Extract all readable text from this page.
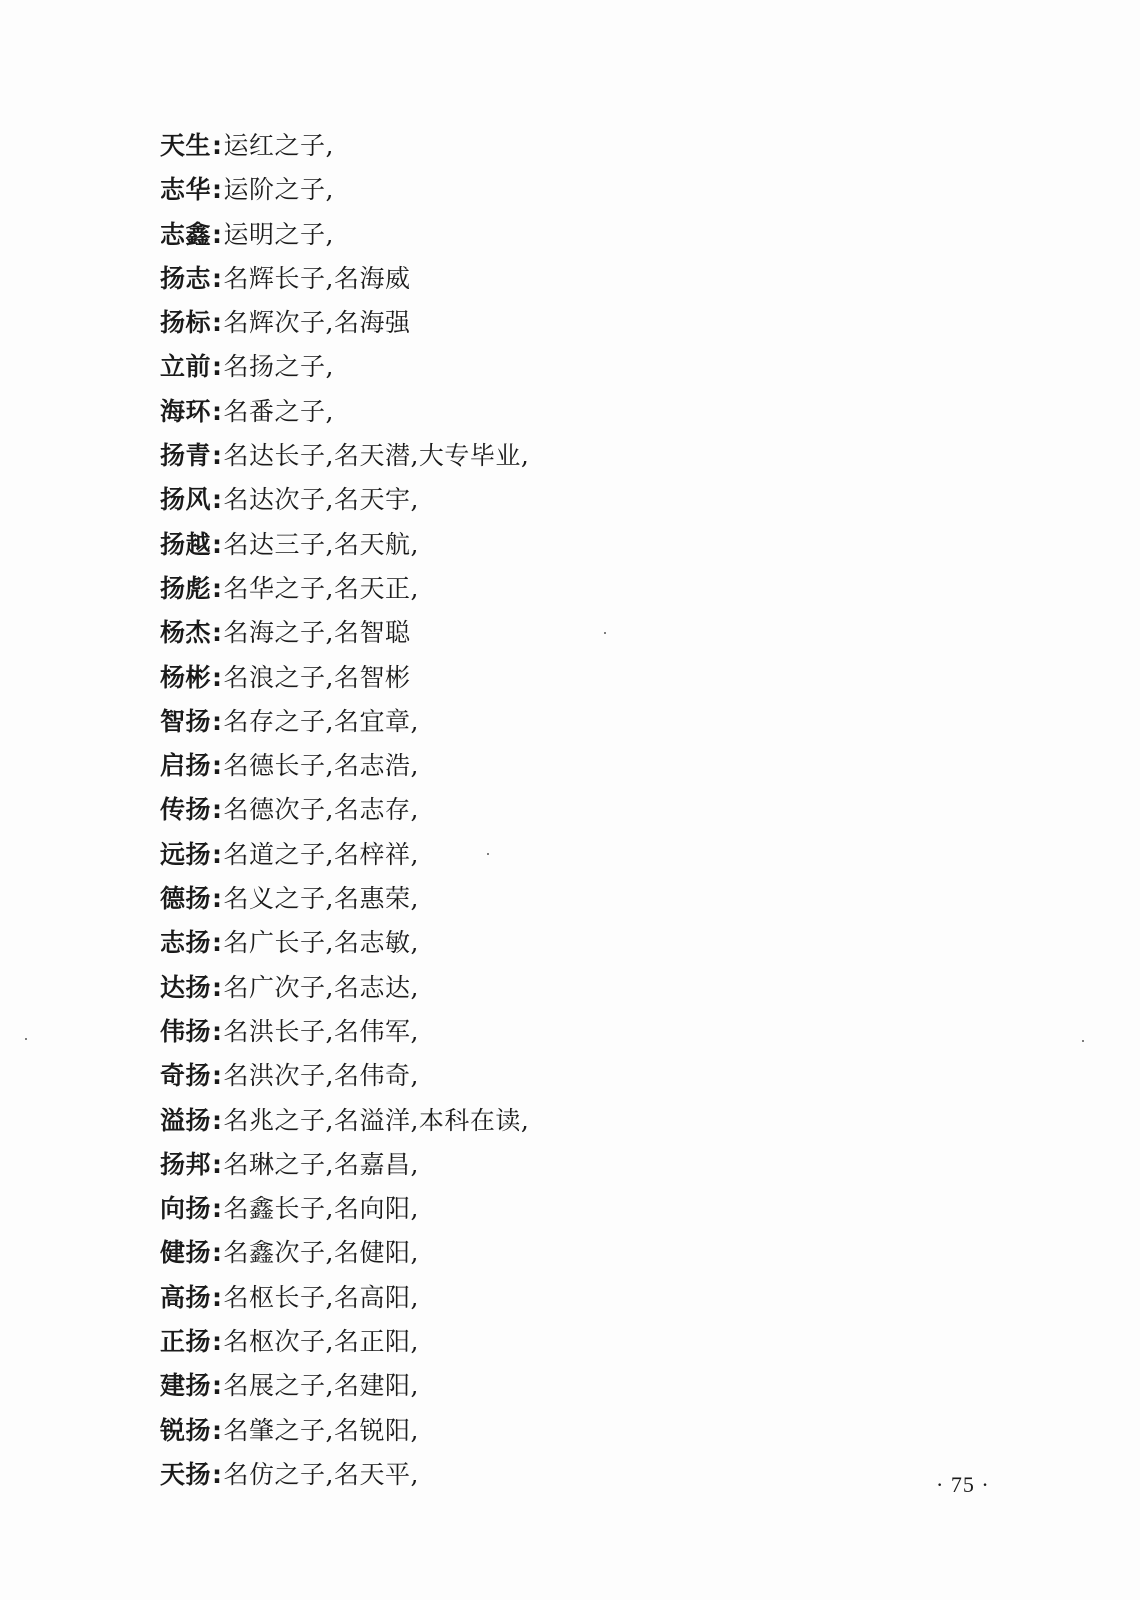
天生:运红之子,
志华:运阶之子,
志鑫:运明之子,
扬志:名辉长子,名海威
扬标:名辉次子,名海强
立前:名扬之子,
海环:名番之子,
扬青:名达长子,名天潜,大专毕业,
扬风:名达次子,名天宇,
扬越:名达三子,名天航,
扬彪:名华之子,名天正,
杨杰:名海之子,名智聪
杨彬:名浪之子,名智彬
智扬:名存之子,名宜章,
启扬:名德长子,名志浩,
传扬:名德次子,名志存,
远扬:名道之子,名梓祥,
德扬:名义之子,名惠荣,
志扬:名广长子,名志敏,
达扬:名广次子,名志达,
伟扬:名洪长子,名伟军,
奇扬:名洪次子,名伟奇,
溢扬:名兆之子,名溢洋,本科在读,
扬邦:名琳之子,名嘉昌,
向扬:名鑫长子,名向阳,
健扬:名鑫次子,名健阳,
高扬:名枢长子,名高阳,
正扬:名枢次子,名正阳,
建扬:名展之子,名建阳,
锐扬:名肇之子,名锐阳,
天扬:名仿之子,名天平,	· 75 ·
